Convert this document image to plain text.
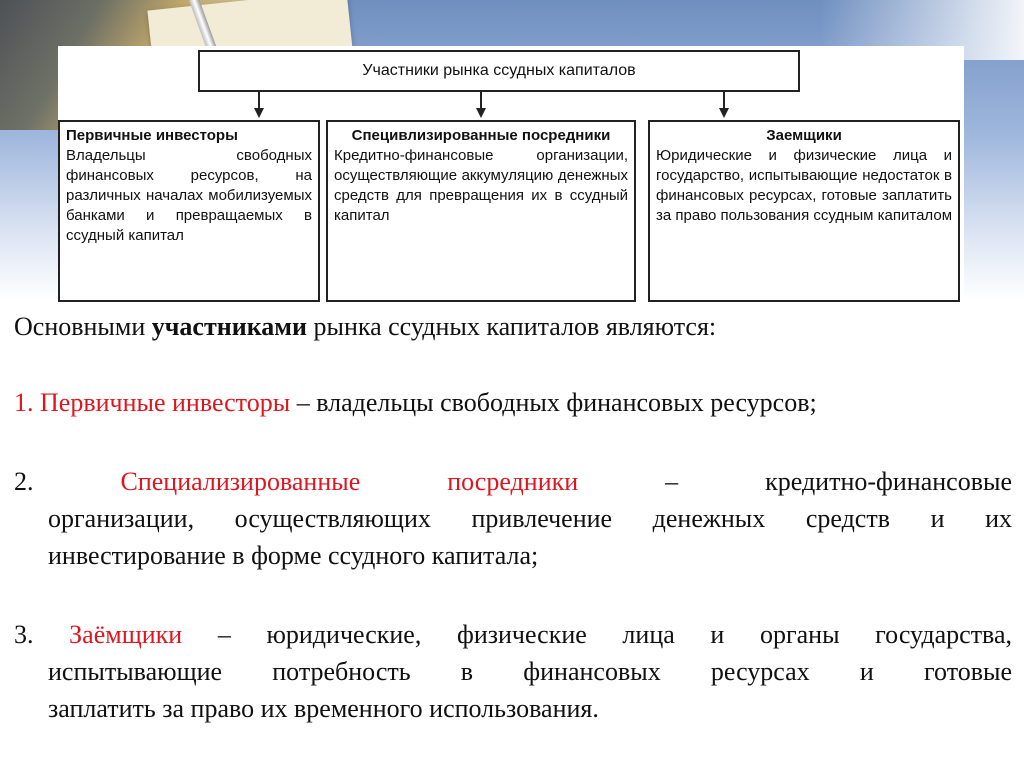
Участники рынка ссудных капиталов
Первичные инвесторы
Владельцы свободных финансовых ресурсов, на различных началах мобилизуемых банками и превращаемых в ссудный капитал
Специвлизированные посредники
Кредитно-финансовые организации, осуществляющие аккумуляцию денежных средств для превращения их в ссудный капитал
Заемщики
Юридические и физические лица и государство, испытывающие недостаток в финансовых ресурсах, готовые заплатить за право пользования ссудным капиталом

Основными участниками рынка ссудных капиталов являются:

1. Первичные инвесторы – владельцы свободных финансовых ресурсов;
2.	Специализированные	посредники	–	кредитно-финансовые
организации, осуществляющих привлечение денежных средств и их
инвестирование в форме ссудного капитала;
3. Заёмщики – юридические, физические лица и органы государства,
испытывающие потребность в финансовых ресурсах и готовые
заплатить за право их временного использования.
